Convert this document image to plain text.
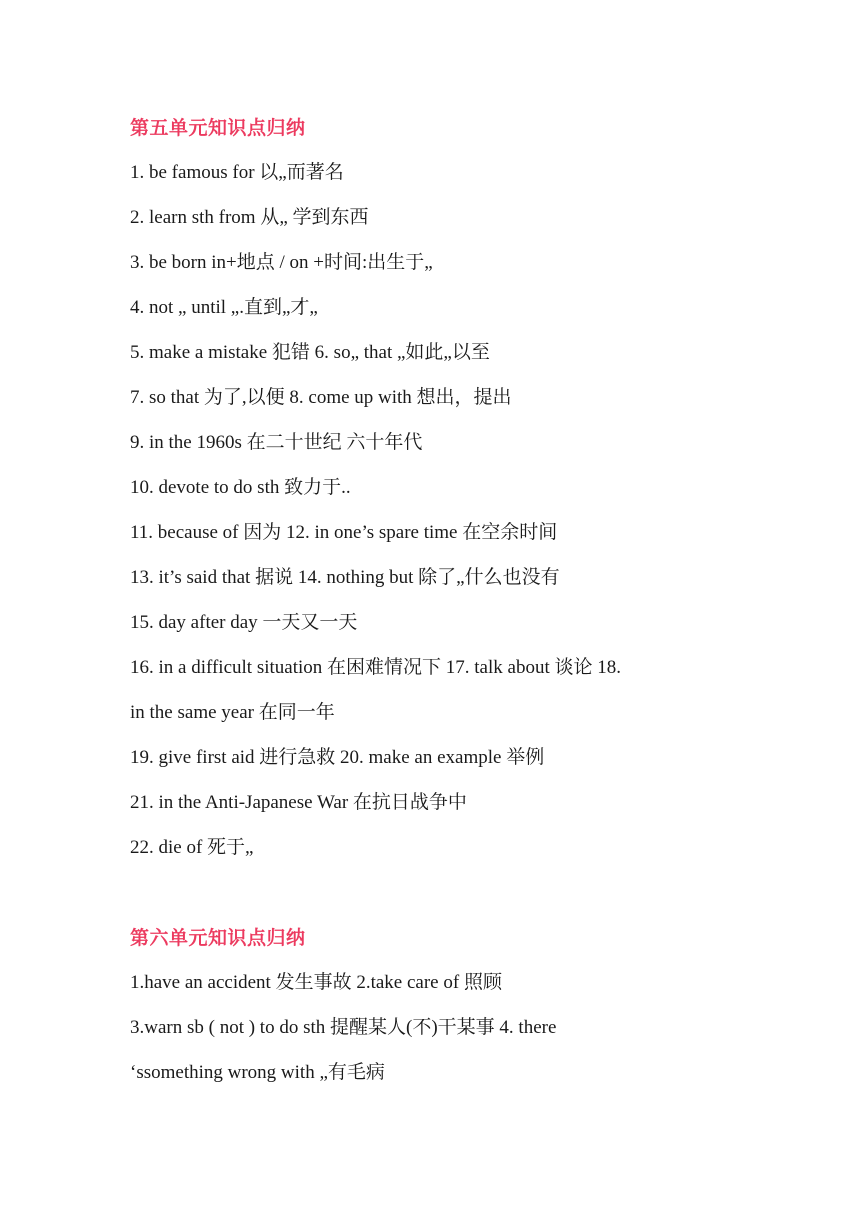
第五单元知识点归纳
1. be famous for 以„而著名
2. learn sth from 从„ 学到东西
3. be born in+地点 / on +时间:出生于„
4. not „ until „.直到„才„
5. make a mistake 犯错 6. so„ that „如此„以至
7. so that 为了,以便 8. come up with 想出，提出
9. in the 1960s 在二十世纪 六十年代
10. devote to do sth 致力于..
11. because of 因为 12. in one’s spare time 在空余时间
13. it’s said that 据说 14. nothing but 除了„什么也没有
15. day after day 一天又一天
16. in a difficult situation 在困难情况下 17. talk about 谈论 18.
in the same year 在同一年
19. give first aid 进行急救 20. make an example 举例
21. in the Anti-Japanese War 在抗日战争中
22. die of 死于„
第六单元知识点归纳
1.have an accident 发生事故 2.take care of 照顾
3.warn sb ( not ) to do sth 提醒某人(不)干某事 4. there
‘ssomething wrong with „有毛病
